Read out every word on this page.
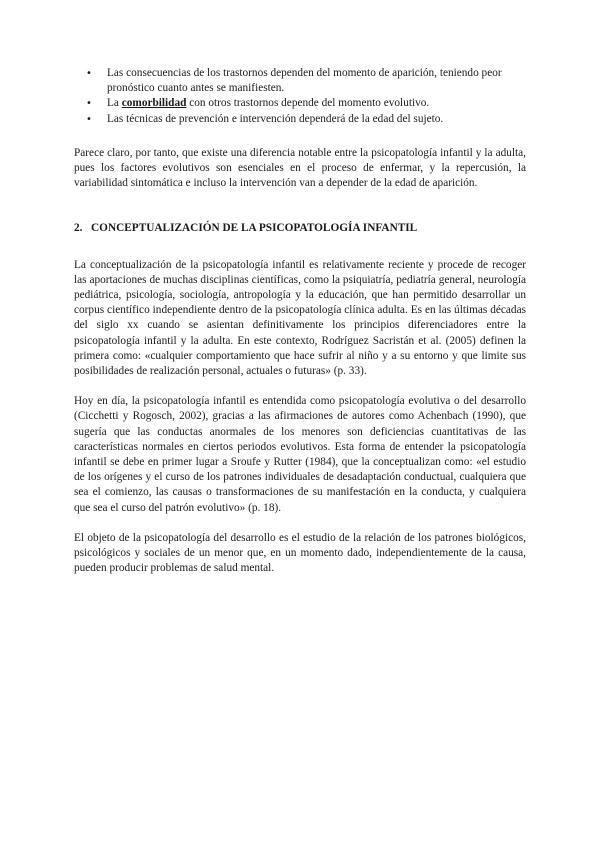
• Las consecuencias de los trastornos dependen del momento de aparición, teniendo peor pronóstico cuanto antes se manifiesten.
• La comorbilidad con otros trastornos depende del momento evolutivo.
• Las técnicas de prevención e intervención dependerá de la edad del sujeto.

Parece claro, por tanto, que existe una diferencia notable entre la psicopatología infantil y la adulta, pues los factores evolutivos son esenciales en el proceso de enfermar, y la repercusión, la variabilidad sintomática e incluso la intervención van a depender de la edad de aparición.

2. CONCEPTUALIZACIÓN DE LA PSICOPATOLOGÍA INFANTIL

La conceptualización de la psicopatología infantil es relativamente reciente y procede de recoger las aportaciones de muchas disciplinas científicas, como la psiquiatría, pediatría general, neurología pediátrica, psicología, sociología, antropología y la educación, que han permitido desarrollar un corpus científico independiente dentro de la psicopatología clínica adulta. Es en las últimas décadas del siglo xx cuando se asientan definitivamente los principios diferenciadores entre la psicopatología infantil y la adulta. En este contexto, Rodríguez Sacristán et al. (2005) definen la primera como: «cualquier comportamiento que hace sufrir al niño y a su entorno y que limite sus posibilidades de realización personal, actuales o futuras» (p. 33).

Hoy en día, la psicopatología infantil es entendida como psicopatología evolutiva o del desarrollo (Cicchetti y Rogosch, 2002), gracias a las afirmaciones de autores como Achenbach (1990), que sugería que las conductas anormales de los menores son deficiencias cuantitativas de las características normales en ciertos periodos evolutivos. Esta forma de entender la psicopatología infantil se debe en primer lugar a Sroufe y Rutter (1984), que la conceptualizan como: «el estudio de los orígenes y el curso de los patrones individuales de desadaptación conductual, cualquiera que sea el comienzo, las causas o transformaciones de su manifestación en la conducta, y cualquiera que sea el curso del patrón evolutivo» (p. 18).

El objeto de la psicopatología del desarrollo es el estudio de la relación de los patrones biológicos, psicológicos y sociales de un menor que, en un momento dado, independientemente de la causa, pueden producir problemas de salud mental.
